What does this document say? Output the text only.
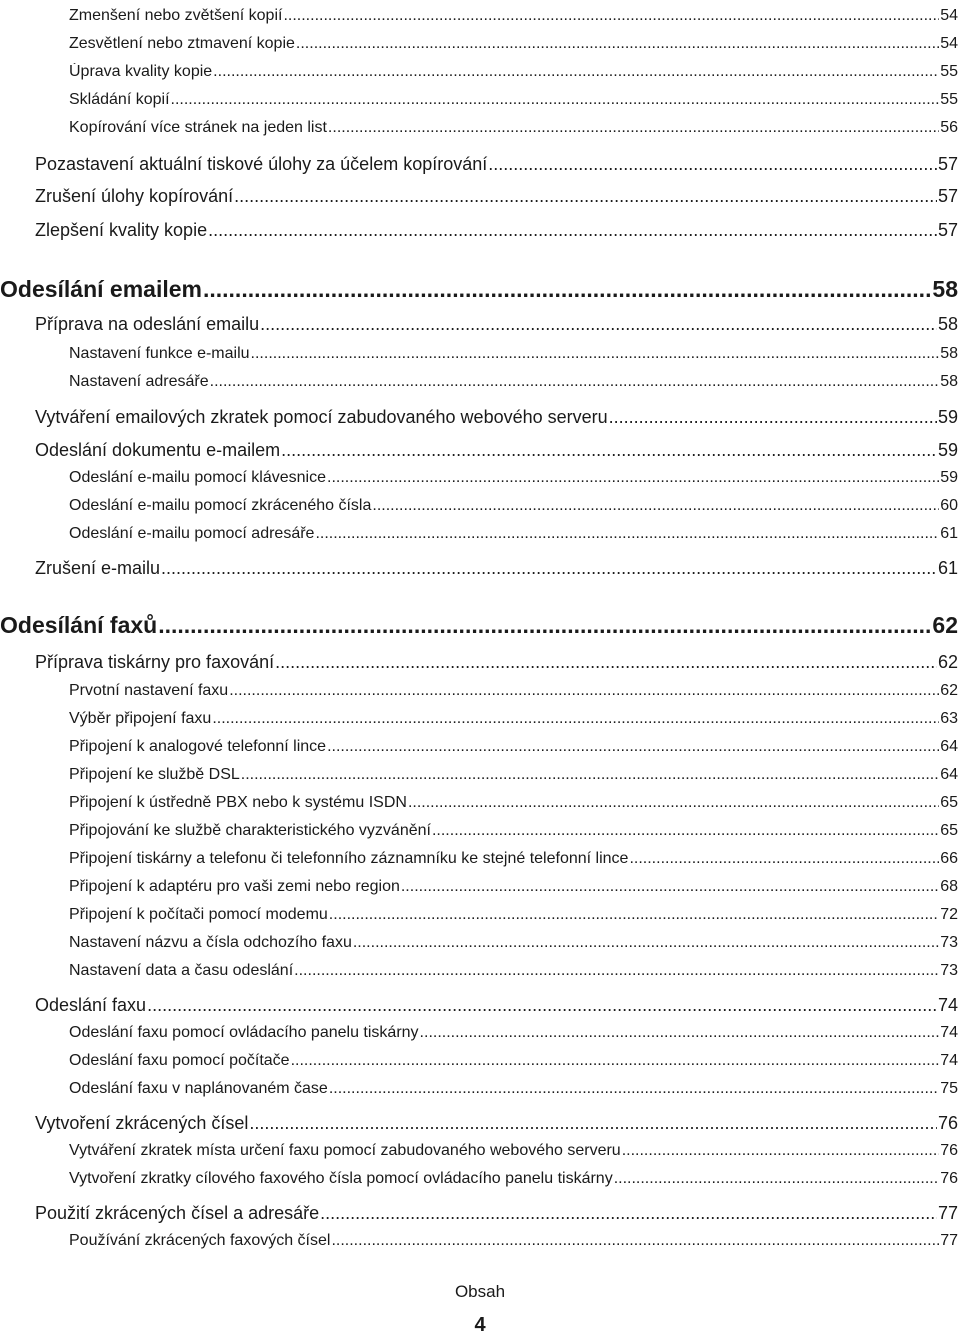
Zmenšení nebo zvětšení kopií .....	54
Zesvětlení nebo ztmavení kopie .....	54
Úprava kvality kopie .....	55
Skládání kopií .....	55
Kopírování více stránek na jeden list .....	56
Pozastavení aktuální tiskové úlohy za účelem kopírování .....	57
Zrušení úlohy kopírování .....	57
Zlepšení kvality kopie .....	57
Odesílání emailem .....	58
Příprava na odeslání emailu .....	58
Nastavení funkce e-mailu .....	58
Nastavení adresáře .....	58
Vytváření emailových zkratek pomocí zabudovaného webového serveru .....	59
Odeslání dokumentu e-mailem .....	59
Odeslání e-mailu pomocí klávesnice .....	59
Odeslání e-mailu pomocí zkráceného čísla .....	60
Odeslání e-mailu pomocí adresáře .....	61
Zrušení e-mailu .....	61
Odesílání faxů .....	62
Příprava tiskárny pro faxování .....	62
Prvotní nastavení faxu .....	62
Výběr připojení faxu .....	63
Připojení k analogové telefonní lince .....	64
Připojení ke službě DSL .....	64
Připojení k ústředně PBX nebo k systému ISDN .....	65
Připojování ke službě charakteristického vyzvánění .....	65
Připojení tiskárny a telefonu či telefonního záznamníku ke stejné telefonní lince .....	66
Připojení k adaptéru pro vaši zemi nebo region .....	68
Připojení k počítači pomocí modemu .....	72
Nastavení názvu a čísla odchozího faxu .....	73
Nastavení data a času odeslání .....	73
Odeslání faxu .....	74
Odeslání faxu pomocí ovládacího panelu tiskárny .....	74
Odeslání faxu pomocí počítače .....	74
Odeslání faxu v naplánovaném čase .....	75
Vytvoření zkrácených čísel .....	76
Vytváření zkratek místa určení faxu pomocí zabudovaného webového serveru .....	76
Vytvoření zkratky cílového faxového čísla pomocí ovládacího panelu tiskárny .....	76
Použití zkrácených čísel a adresáře .....	77
Používání zkrácených faxových čísel .....	77
Obsah
4
